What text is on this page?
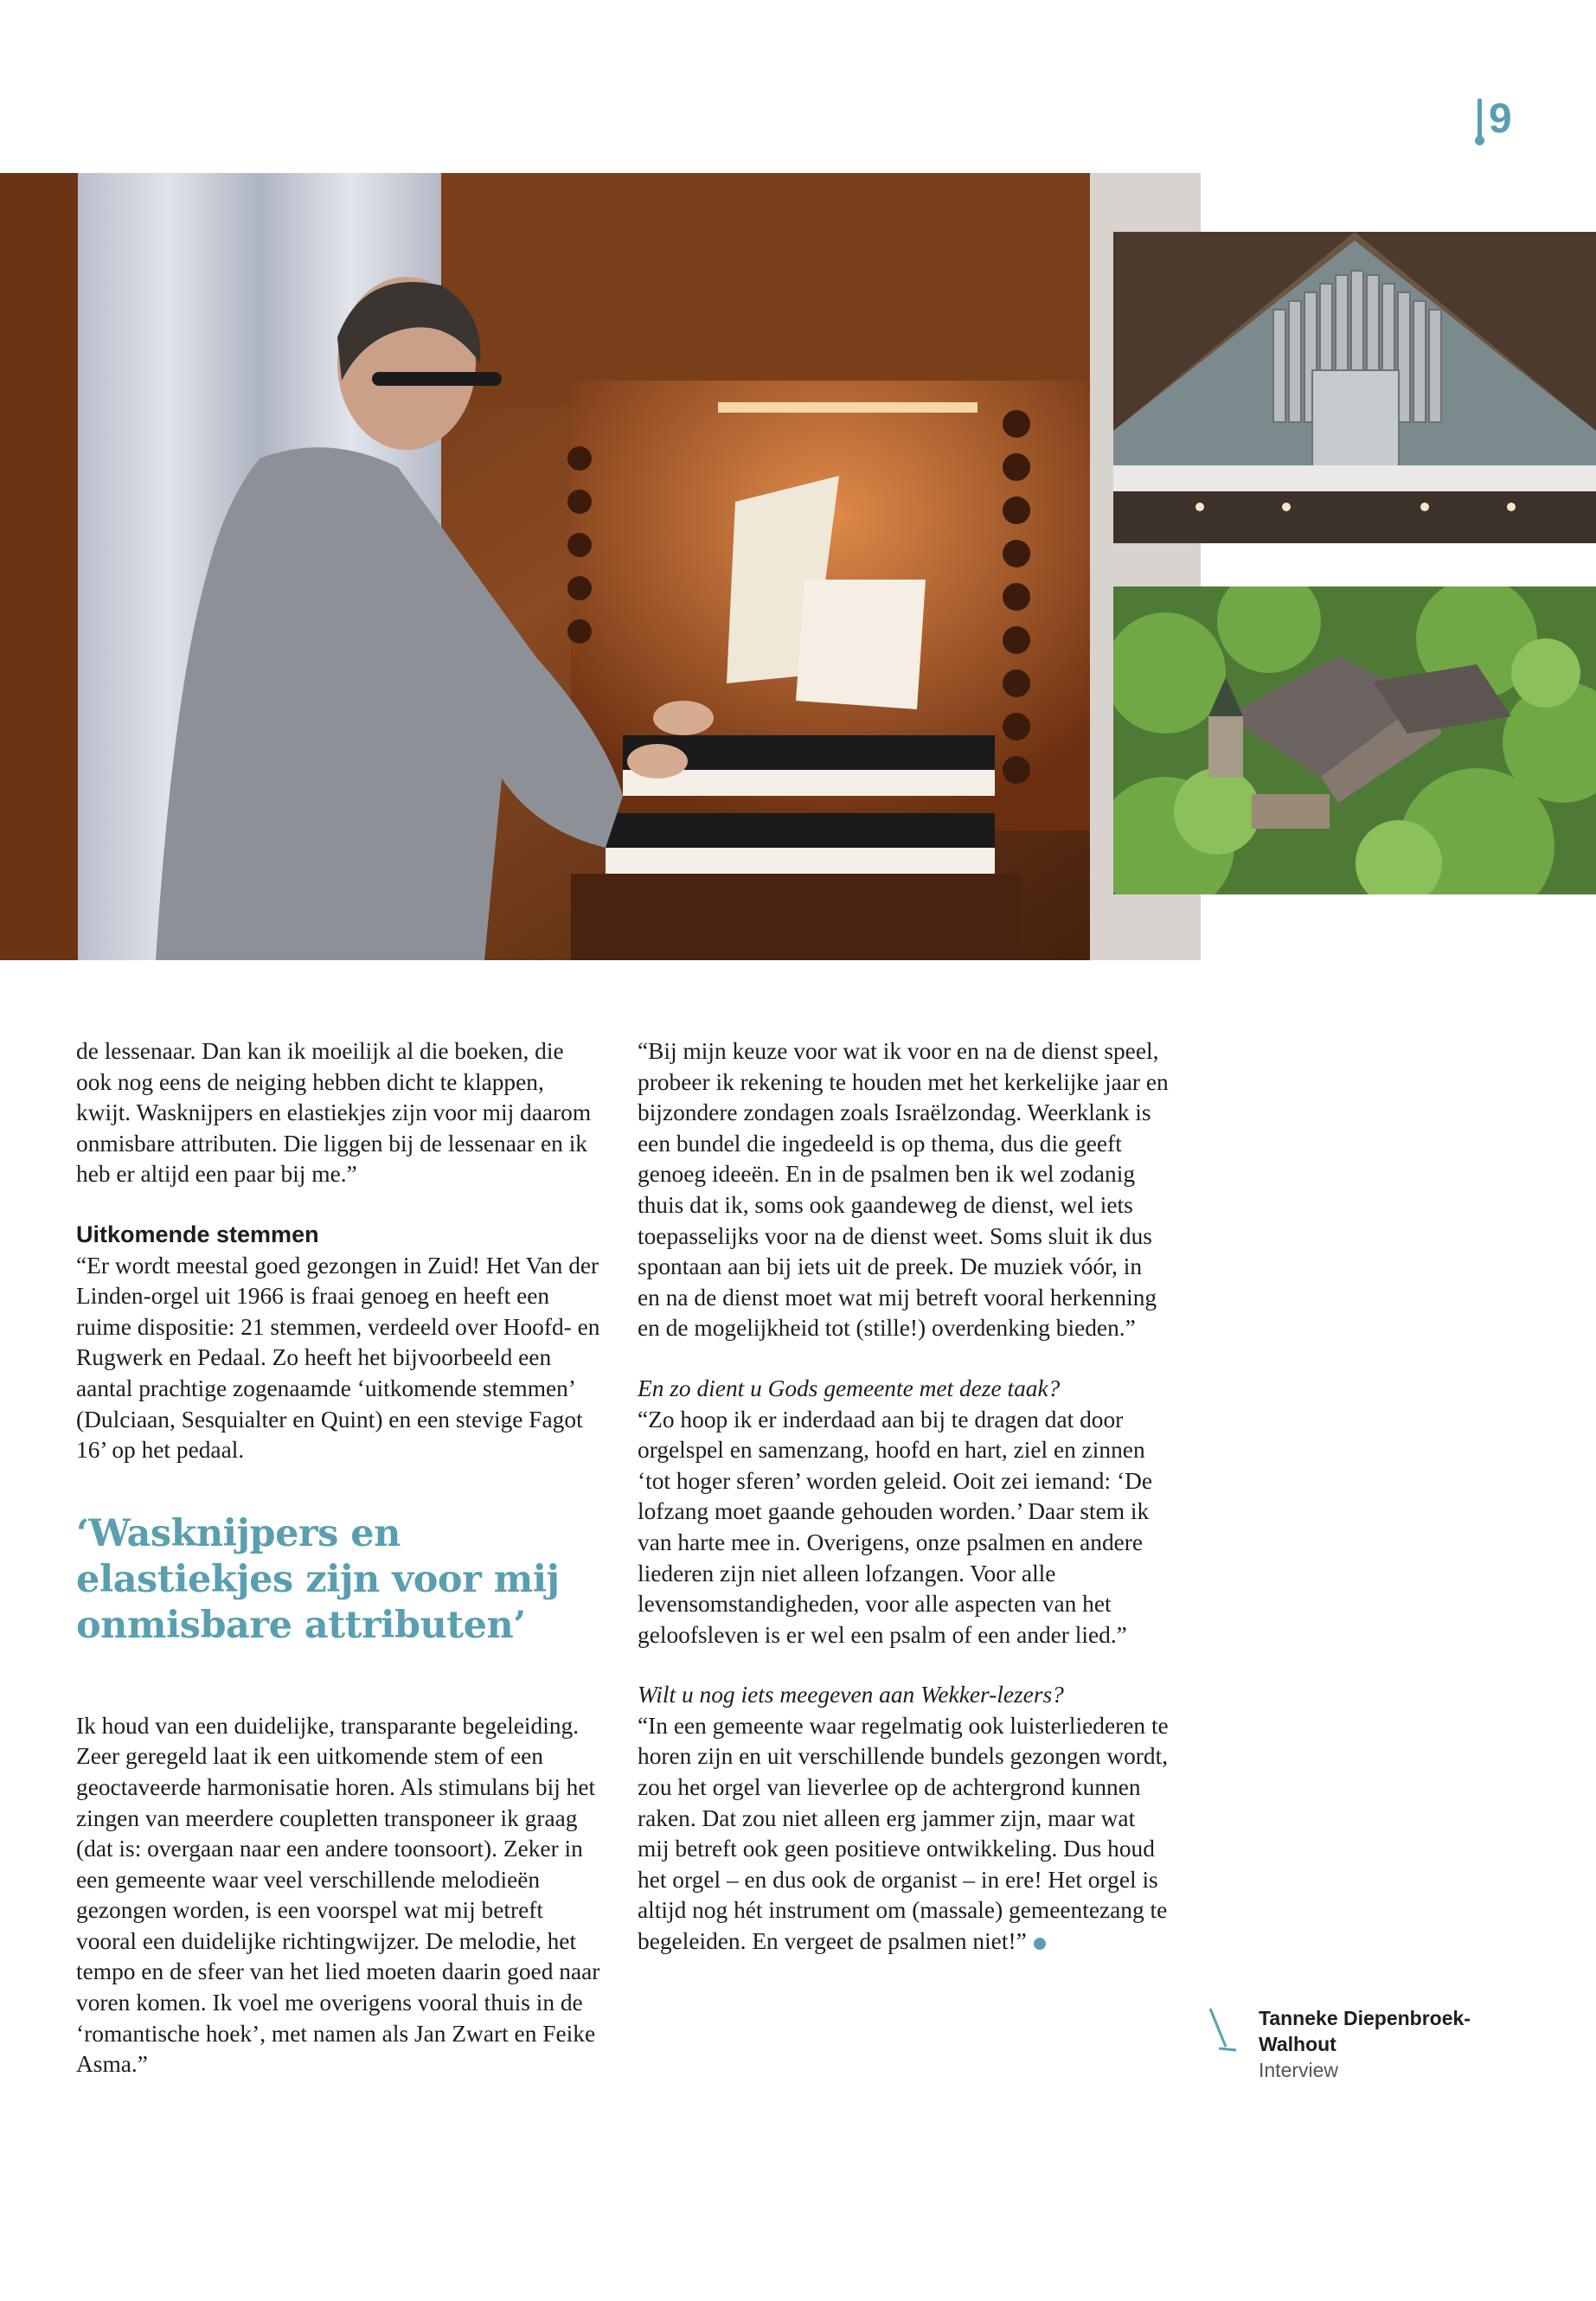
9

de lessenaar. Dan kan ik moeilijk al die boeken, die ook nog eens de neiging hebben dicht te klappen, kwijt. Wasknijpers en elastiekjes zijn voor mij daarom onmisbare attributen. Die liggen bij de lessenaar en ik heb er altijd een paar bij me.”

Uitkomende stemmen

“Er wordt meestal goed gezongen in Zuid! Het Van der Linden-orgel uit 1966 is fraai genoeg en heeft een ruime dispositie: 21 stemmen, verdeeld over Hoofd- en Rugwerk en Pedaal. Zo heeft het bijvoorbeeld een aantal prachtige zogenaamde ‘uitkomende stemmen’ (Dulciaan, Sesquialter en Quint) en een stevige Fagot 16’ op het pedaal.

‘Wasknijpers en elastiekjes zijn voor mij onmisbare attributen’

Ik houd van een duidelijke, transparante begeleiding. Zeer geregeld laat ik een uitkomende stem of een geoctaveerde harmonisatie horen. Als stimulans bij het zingen van meerdere coupletten transponeer ik graag (dat is: overgaan naar een andere toonsoort). Zeker in een gemeente waar veel verschillende melodieën gezongen worden, is een voorspel wat mij betreft vooral een duidelijke richtingwijzer. De melodie, het tempo en de sfeer van het lied moeten daarin goed naar voren komen. Ik voel me overigens vooral thuis in de ‘romantische hoek’, met namen als Jan Zwart en Feike Asma.”

“Bij mijn keuze voor wat ik voor en na de dienst speel, probeer ik rekening te houden met het kerkelijke jaar en bijzondere zondagen zoals Israëlzondag. Weerklank is een bundel die ingedeeld is op thema, dus die geeft genoeg ideeën. En in de psalmen ben ik wel zodanig thuis dat ik, soms ook gaandeweg de dienst, wel iets toepasselijks voor na de dienst weet. Soms sluit ik dus spontaan aan bij iets uit de preek. De muziek vóór, in en na de dienst moet wat mij betreft vooral herkenning en de mogelijkheid tot (stille!) overdenking bieden.”

En zo dient u Gods gemeente met deze taak?

“Zo hoop ik er inderdaad aan bij te dragen dat door orgelspel en samenzang, hoofd en hart, ziel en zinnen ‘tot hoger sferen’ worden geleid. Ooit zei iemand: ‘De lofzang moet gaande gehouden worden.’ Daar stem ik van harte mee in. Overigens, onze psalmen en andere liederen zijn niet alleen lofzangen. Voor alle levensomstandigheden, voor alle aspecten van het geloofsleven is er wel een psalm of een ander lied.”

Wilt u nog iets meegeven aan Wekker-lezers?

“In een gemeente waar regelmatig ook luisterliederen te horen zijn en uit verschillende bundels gezongen wordt, zou het orgel van lieverlee op de achtergrond kunnen raken. Dat zou niet alleen erg jammer zijn, maar wat mij betreft ook geen positieve ontwikkeling. Dus houd het orgel – en dus ook de organist – in ere! Het orgel is altijd nog hét instrument om (massale) gemeentezang te begeleiden. En vergeet de psalmen niet!”

Tanneke Diepenbroek-
Walhout
Interview
